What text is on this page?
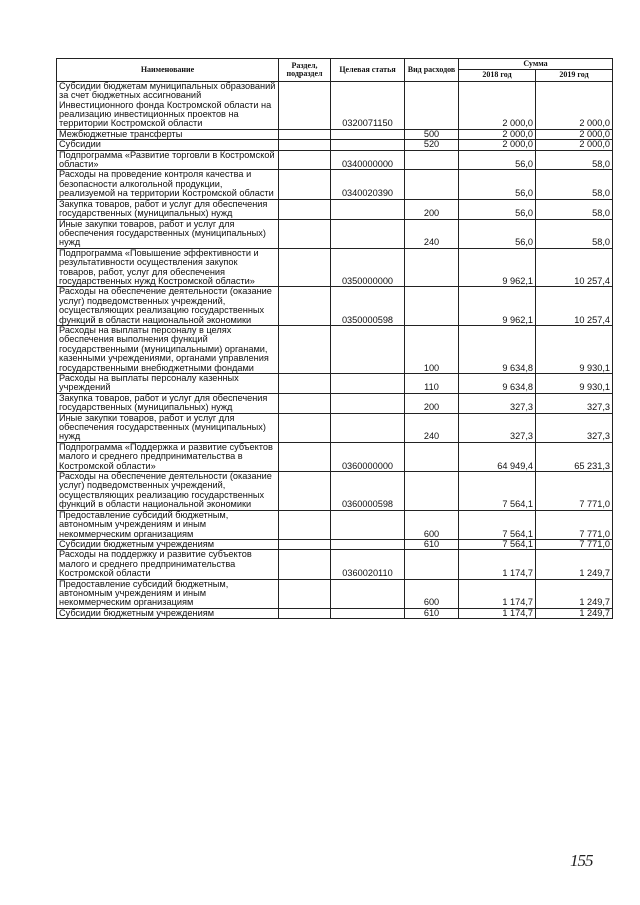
Наименование	Раздел, подраздел	Целевая статья	Вид расходов	Сумма	
				2018 год	2019 год
Субсидии бюджетам муниципальных образований за счет бюджетных ассигнований Инвестиционного фонда Костромской области на реализацию инвестиционных проектов на территории Костромской области		0320071150		2 000,0	2 000,0
Межбюджетные трансферты			500	2 000,0	2 000,0
Субсидии			520	2 000,0	2 000,0
Подпрограмма «Развитие торговли в Костромской области»		0340000000		56,0	58,0
Расходы на проведение контроля качества и безопасности алкогольной продукции, реализуемой на территории Костромской области		0340020390		56,0	58,0
Закупка товаров, работ и услуг для обеспечения государственных (муниципальных) нужд			200	56,0	58,0
Иные закупки товаров, работ и услуг для обеспечения государственных (муниципальных) нужд			240	56,0	58,0
Подпрограмма «Повышение эффективности и результативности осуществления закупок товаров, работ, услуг для обеспечения государственных нужд Костромской области»		0350000000		9 962,1	10 257,4
Расходы на обеспечение деятельности (оказание услуг) подведомственных учреждений, осуществляющих реализацию государственных функций в области национальной экономики		0350000598		9 962,1	10 257,4
Расходы на выплаты персоналу в целях обеспечения выполнения функций государственными (муниципальными) органами, казенными учреждениями, органами управления государственными внебюджетными фондами			100	9 634,8	9 930,1
Расходы на выплаты персоналу казенных учреждений			110	9 634,8	9 930,1
Закупка товаров, работ и услуг для обеспечения государственных (муниципальных) нужд			200	327,3	327,3
Иные закупки товаров, работ и услуг для обеспечения государственных (муниципальных) нужд			240	327,3	327,3
Подпрограмма «Поддержка и развитие субъектов малого и среднего предпринимательства в Костромской области»		0360000000		64 949,4	65 231,3
Расходы на обеспечение деятельности (оказание услуг) подведомственных учреждений, осуществляющих реализацию государственных функций в области национальной экономики		0360000598		7 564,1	7 771,0
Предоставление субсидий бюджетным, автономным учреждениям и иным некоммерческим организациям			600	7 564,1	7 771,0
Субсидии бюджетным учреждениям			610	7 564,1	7 771,0
Расходы на поддержку и развитие субъектов малого и среднего предпринимательства Костромской области		0360020110		1 174,7	1 249,7
Предоставление субсидий бюджетным, автономным учреждениям и иным некоммерческим организациям			600	1 174,7	1 249,7
Субсидии бюджетным учреждениям			610	1 174,7	1 249,7
155
